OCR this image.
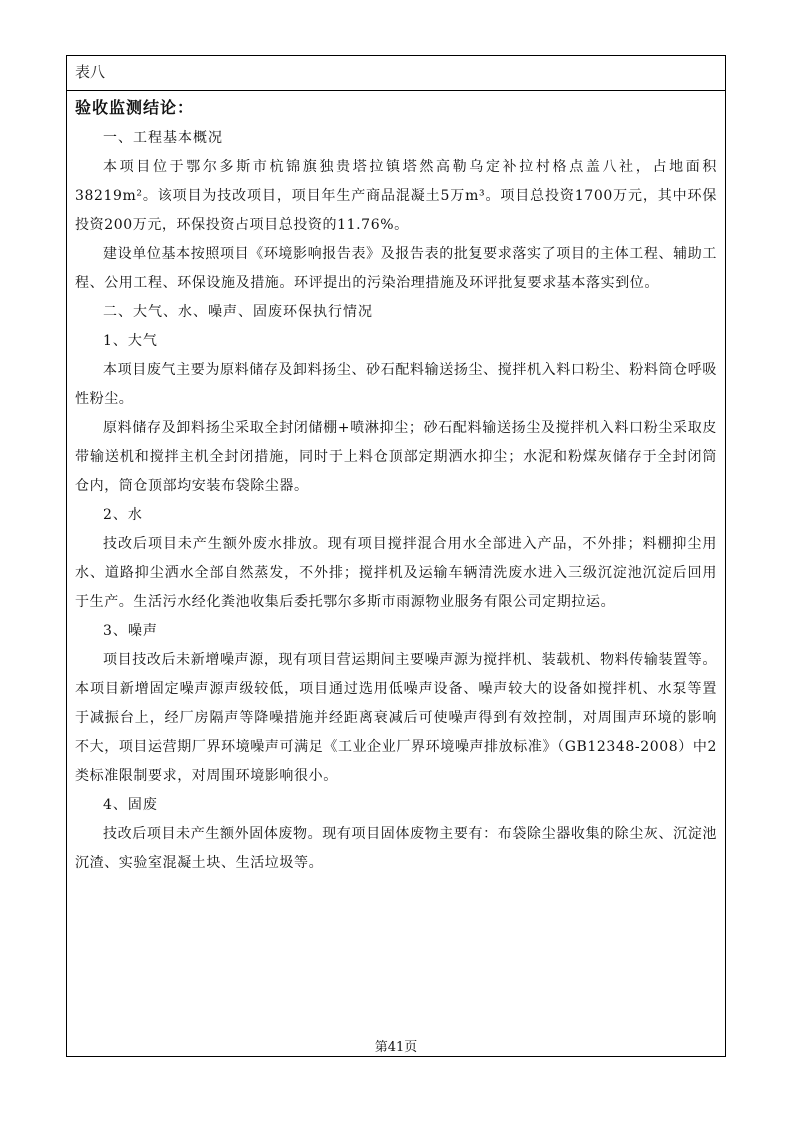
表八
验收监测结论：

一、工程基本概况

本项目位于鄂尔多斯市杭锦旗独贵塔拉镇塔然高勒乌定补拉村格点盖八社，占地面积38219m²。该项目为技改项目，项目年生产商品混凝土5万m³。项目总投资1700万元，其中环保投资200万元，环保投资占项目总投资的11.76%。

建设单位基本按照项目《环境影响报告表》及报告表的批复要求落实了项目的主体工程、辅助工程、公用工程、环保设施及措施。环评提出的污染治理措施及环评批复要求基本落实到位。

二、大气、水、噪声、固废环保执行情况

1、大气

本项目废气主要为原料储存及卸料扬尘、砂石配料输送扬尘、搅拌机入料口粉尘、粉料筒仓呼吸性粉尘。

原料储存及卸料扬尘采取全封闭储棚+喷淋抑尘；砂石配料输送扬尘及搅拌机入料口粉尘采取皮带输送机和搅拌主机全封闭措施，同时于上料仓顶部定期洒水抑尘；水泥和粉煤灰储存于全封闭筒仓内，筒仓顶部均安装布袋除尘器。

2、水

技改后项目未产生额外废水排放。现有项目搅拌混合用水全部进入产品，不外排；料棚抑尘用水、道路抑尘洒水全部自然蒸发，不外排；搅拌机及运输车辆清洗废水进入三级沉淀池沉淀后回用于生产。生活污水经化粪池收集后委托鄂尔多斯市雨源物业服务有限公司定期拉运。

3、噪声

项目技改后未新增噪声源，现有项目营运期间主要噪声源为搅拌机、装载机、物料传输装置等。本项目新增固定噪声源声级较低，项目通过选用低噪声设备、噪声较大的设备如搅拌机、水泵等置于减振台上，经厂房隔声等降噪措施并经距离衰减后可使噪声得到有效控制，对周围声环境的影响不大，项目运营期厂界环境噪声可满足《工业企业厂界环境噪声排放标准》（GB12348-2008）中2类标准限制要求，对周围环境影响很小。

4、固废

技改后项目未产生额外固体废物。现有项目固体废物主要有：布袋除尘器收集的除尘灰、沉淀池沉渣、实验室混凝土块、生活垃圾等。

第41页
